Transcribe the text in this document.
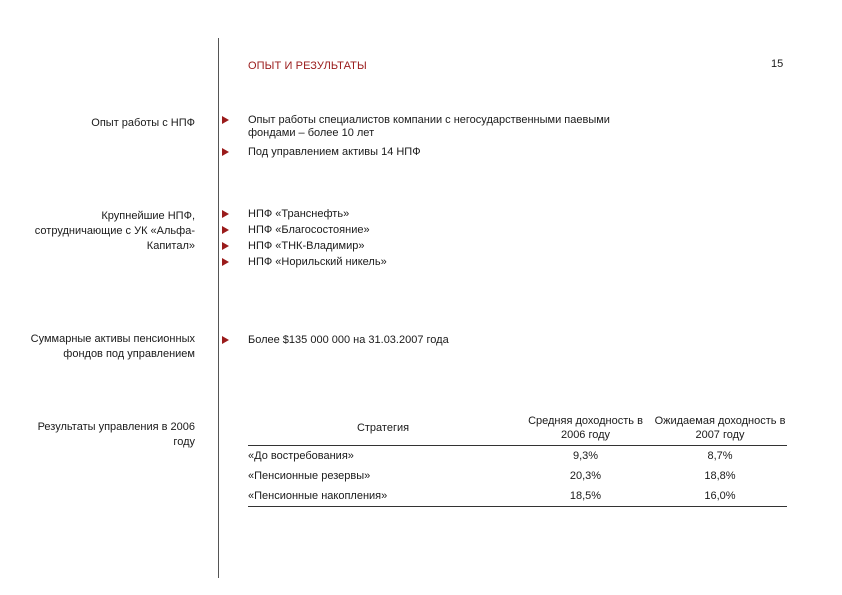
ОПЫТ И РЕЗУЛЬТАТЫ	15
Опыт работы с НПФ	Опыт работы специалистов компании с негосударственными паевыми фондами – более 10 лет
Под управлением активы 14 НПФ
Крупнейшие НПФ, сотрудничающие с УК «Альфа-Капитал»
НПФ «Транснефть»
НПФ «Благосостояние»
НПФ «ТНК-Владимир»
НПФ «Норильский никель»
Суммарные активы пенсионных фондов под управлением
Более $135 000 000 на 31.03.2007 года
Результаты управления в 2006 году
Стратегия	Средняя доходность в 2006 году	Ожидаемая доходность в 2007 году
«До востребования»	9,3%	8,7%
«Пенсионные резервы»	20,3%	18,8%
«Пенсионные накопления»	18,5%	16,0%
